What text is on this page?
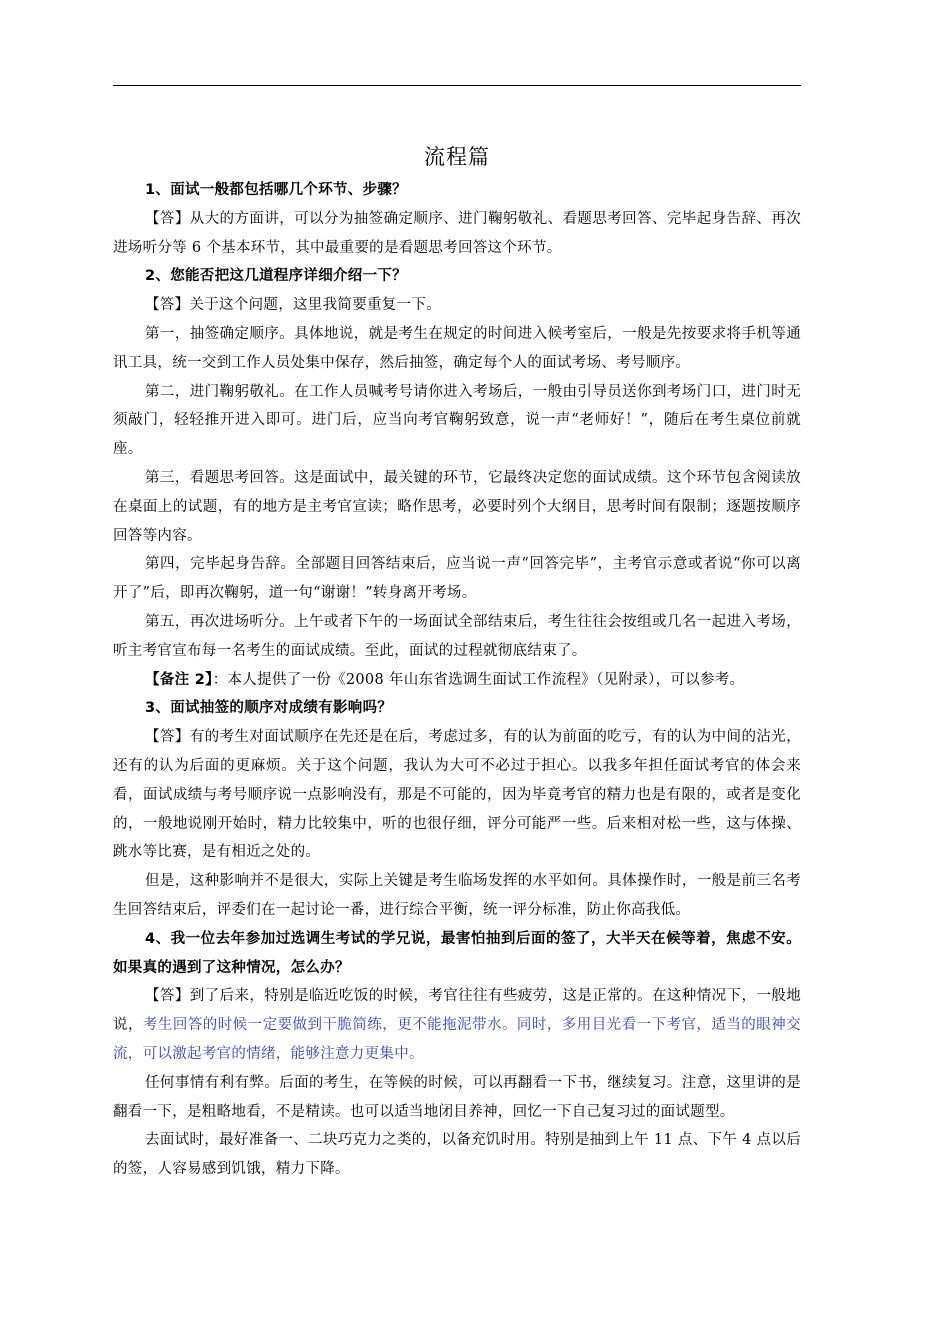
流程篇

1、面试一般都包括哪几个环节、步骤？

【答】从大的方面讲，可以分为抽签确定顺序、进门鞠躬敬礼、看题思考回答、完毕起身告辞、再次进场听分等 6 个基本环节，其中最重要的是看题思考回答这个环节。

2、您能否把这几道程序详细介绍一下？

【答】关于这个问题，这里我简要重复一下。

第一，抽签确定顺序。具体地说，就是考生在规定的时间进入候考室后，一般是先按要求将手机等通讯工具，统一交到工作人员处集中保存，然后抽签，确定每个人的面试考场、考号顺序。

第二，进门鞠躬敬礼。在工作人员喊考号请你进入考场后，一般由引导员送你到考场门口，进门时无须敲门，轻轻推开进入即可。进门后，应当向考官鞠躬致意，说一声“老师好！”，随后在考生桌位前就座。

第三，看题思考回答。这是面试中，最关键的环节，它最终决定您的面试成绩。这个环节包含阅读放在桌面上的试题，有的地方是主考官宣读；略作思考，必要时列个大纲目，思考时间有限制；逐题按顺序回答等内容。

第四，完毕起身告辞。全部题目回答结束后，应当说一声“回答完毕”，主考官示意或者说“你可以离开了”后，即再次鞠躬，道一句“谢谢！”转身离开考场。

第五，再次进场听分。上午或者下午的一场面试全部结束后，考生往往会按组或几名一起进入考场，听主考官宣布每一名考生的面试成绩。至此，面试的过程就彻底结束了。

【备注 2】：本人提供了一份《2008 年山东省选调生面试工作流程》（见附录），可以参考。

3、面试抽签的顺序对成绩有影响吗？

【答】有的考生对面试顺序在先还是在后，考虑过多，有的认为前面的吃亏，有的认为中间的沾光，还有的认为后面的更麻烦。关于这个问题，我认为大可不必过于担心。以我多年担任面试考官的体会来看，面试成绩与考号顺序说一点影响没有，那是不可能的，因为毕竟考官的精力也是有限的，或者是变化的，一般地说刚开始时，精力比较集中，听的也很仔细，评分可能严一些。后来相对松一些，这与体操、跳水等比赛，是有相近之处的。

但是，这种影响并不是很大，实际上关键是考生临场发挥的水平如何。具体操作时，一般是前三名考生回答结束后，评委们在一起讨论一番，进行综合平衡，统一评分标准，防止你高我低。

4、我一位去年参加过选调生考试的学兄说，最害怕抽到后面的签了，大半天在候等着，焦虑不安。如果真的遇到了这种情况，怎么办？

【答】到了后来，特别是临近吃饭的时候，考官往往有些疲劳，这是正常的。在这种情况下，一般地说，考生回答的时候一定要做到干脆简练，更不能拖泥带水。同时，多用目光看一下考官，适当的眼神交流，可以激起考官的情绪，能够注意力更集中。

任何事情有利有弊。后面的考生，在等候的时候，可以再翻看一下书，继续复习。注意，这里讲的是翻看一下，是粗略地看，不是精读。也可以适当地闭目养神，回忆一下自己复习过的面试题型。

去面试时，最好准备一、二块巧克力之类的，以备充饥时用。特别是抽到上午 11 点、下午 4 点以后的签，人容易感到饥饿，精力下降。
